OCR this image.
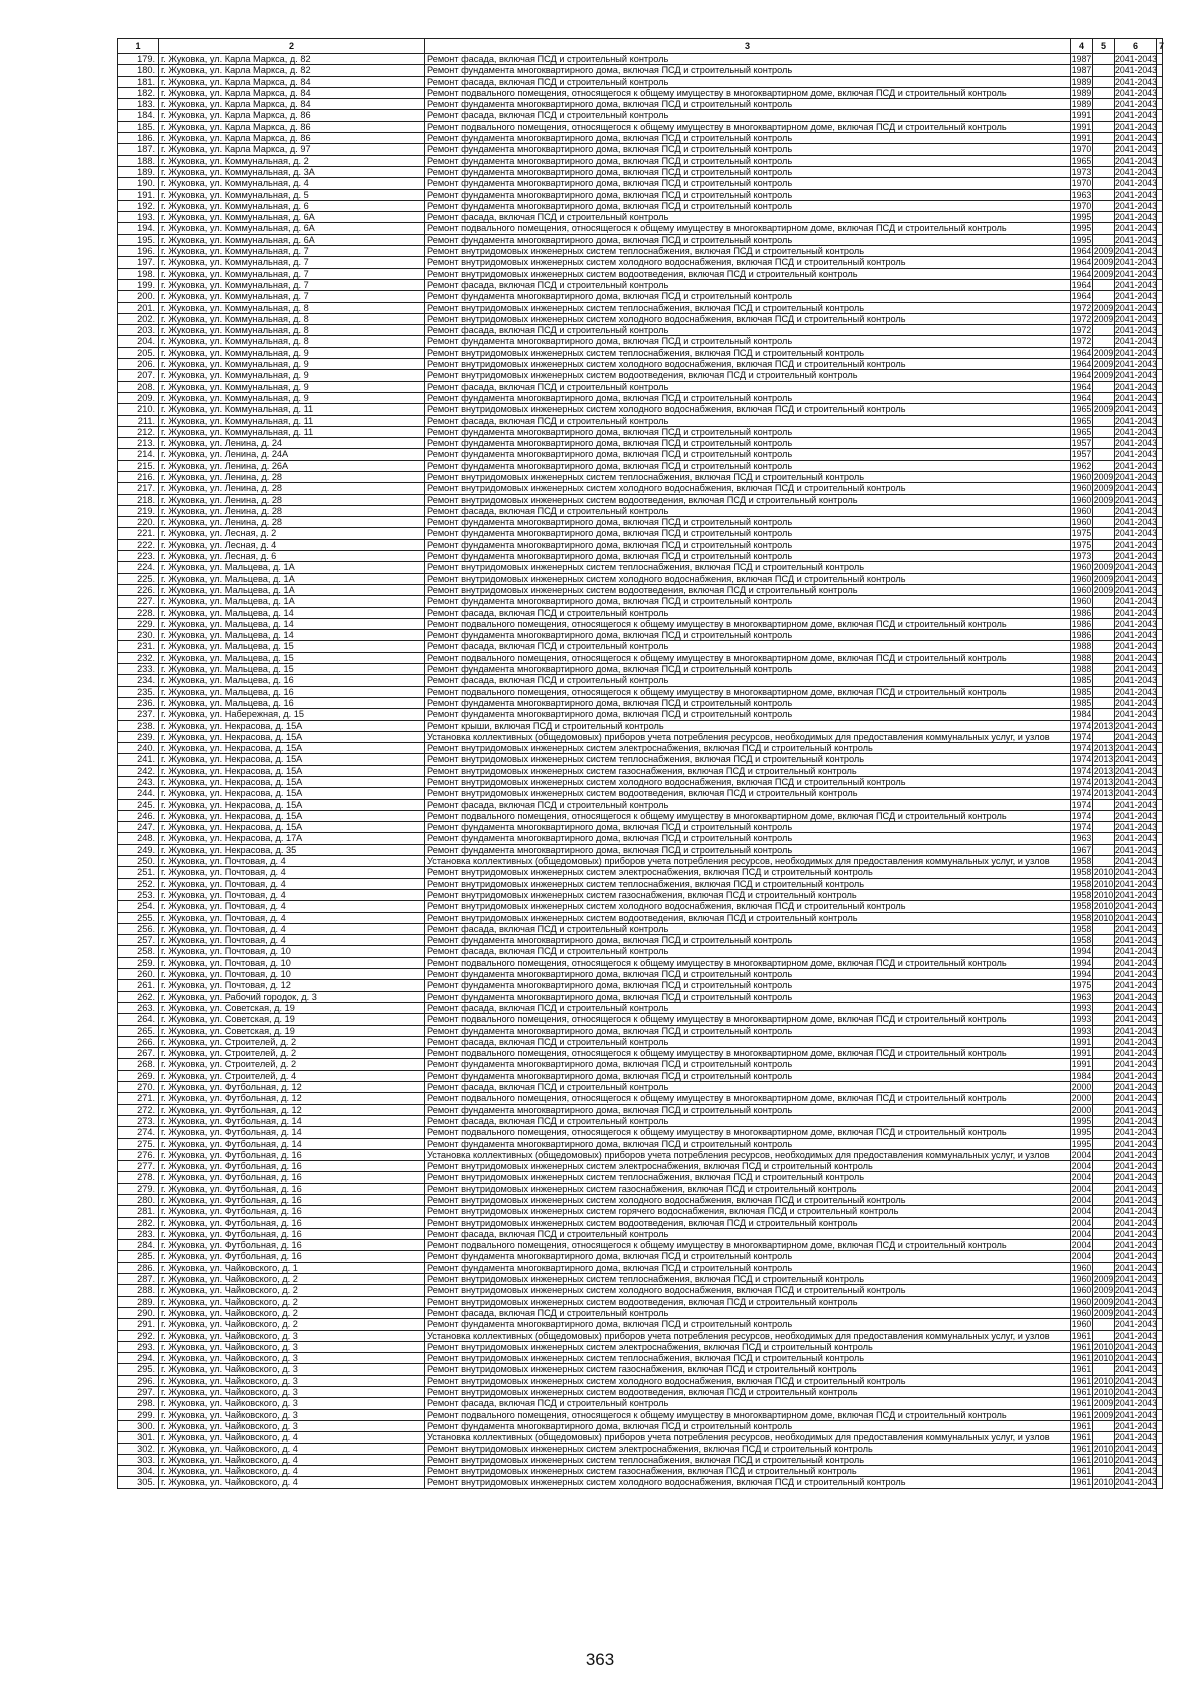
1	2	3	4	5	6	7
179.	г. Жуковка, ул. Карла Маркса, д. 82	Ремонт фасада, включая ПСД и строительный контроль	1987		2041-2043	
180.	г. Жуковка, ул. Карла Маркса, д. 82	Ремонт фундамента многоквартирного дома, включая ПСД и строительный контроль	1987		2041-2043	
181.	г. Жуковка, ул. Карла Маркса, д. 84	Ремонт фасада, включая ПСД и строительный контроль	1989		2041-2043	
182.	г. Жуковка, ул. Карла Маркса, д. 84	Ремонт подвального помещения, относящегося к общему имуществу в многоквартирном доме, включая ПСД и строительный контроль	1989		2041-2043	
183.	г. Жуковка, ул. Карла Маркса, д. 84	Ремонт фундамента многоквартирного дома, включая ПСД и строительный контроль	1989		2041-2043	
184.	г. Жуковка, ул. Карла Маркса, д. 86	Ремонт фасада, включая ПСД и строительный контроль	1991		2041-2043	
185.	г. Жуковка, ул. Карла Маркса, д. 86	Ремонт подвального помещения, относящегося к общему имуществу в многоквартирном доме, включая ПСД и строительный контроль	1991		2041-2043	
186.	г. Жуковка, ул. Карла Маркса, д. 86	Ремонт фундамента многоквартирного дома, включая ПСД и строительный контроль	1991		2041-2043	
187.	г. Жуковка, ул. Карла Маркса, д. 97	Ремонт фундамента многоквартирного дома, включая ПСД и строительный контроль	1970		2041-2043	
188.	г. Жуковка, ул. Коммунальная, д. 2	Ремонт фундамента многоквартирного дома, включая ПСД и строительный контроль	1965		2041-2043	
189.	г. Жуковка, ул. Коммунальная, д. 3А	Ремонт фундамента многоквартирного дома, включая ПСД и строительный контроль	1973		2041-2043	
190.	г. Жуковка, ул. Коммунальная, д. 4	Ремонт фундамента многоквартирного дома, включая ПСД и строительный контроль	1970		2041-2043	
191.	г. Жуковка, ул. Коммунальная, д. 5	Ремонт фундамента многоквартирного дома, включая ПСД и строительный контроль	1963		2041-2043	
192.	г. Жуковка, ул. Коммунальная, д. 6	Ремонт фундамента многоквартирного дома, включая ПСД и строительный контроль	1970		2041-2043	
193.	г. Жуковка, ул. Коммунальная, д. 6А	Ремонт фасада, включая ПСД и строительный контроль	1995		2041-2043	
194.	г. Жуковка, ул. Коммунальная, д. 6А	Ремонт подвального помещения, относящегося к общему имуществу в многоквартирном доме, включая ПСД и строительный контроль	1995		2041-2043	
195.	г. Жуковка, ул. Коммунальная, д. 6А	Ремонт фундамента многоквартирного дома, включая ПСД и строительный контроль	1995		2041-2043	
196.	г. Жуковка, ул. Коммунальная, д. 7	Ремонт внутридомовых инженерных систем теплоснабжения, включая ПСД и строительный контроль	1964	2009	2041-2043	
197.	г. Жуковка, ул. Коммунальная, д. 7	Ремонт внутридомовых инженерных систем холодного водоснабжения, включая ПСД и строительный контроль	1964	2009	2041-2043	
198.	г. Жуковка, ул. Коммунальная, д. 7	Ремонт внутридомовых инженерных систем водоотведения, включая ПСД и строительный контроль	1964	2009	2041-2043	
199.	г. Жуковка, ул. Коммунальная, д. 7	Ремонт фасада, включая ПСД и строительный контроль	1964		2041-2043	
200.	г. Жуковка, ул. Коммунальная, д. 7	Ремонт фундамента многоквартирного дома, включая ПСД и строительный контроль	1964		2041-2043	
201.	г. Жуковка, ул. Коммунальная, д. 8	Ремонт внутридомовых инженерных систем теплоснабжения, включая ПСД и строительный контроль	1972	2009	2041-2043	
202.	г. Жуковка, ул. Коммунальная, д. 8	Ремонт внутридомовых инженерных систем холодного водоснабжения, включая ПСД и строительный контроль	1972	2009	2041-2043	
203.	г. Жуковка, ул. Коммунальная, д. 8	Ремонт фасада, включая ПСД и строительный контроль	1972		2041-2043	
204.	г. Жуковка, ул. Коммунальная, д. 8	Ремонт фундамента многоквартирного дома, включая ПСД и строительный контроль	1972		2041-2043	
205.	г. Жуковка, ул. Коммунальная, д. 9	Ремонт внутридомовых инженерных систем теплоснабжения, включая ПСД и строительный контроль	1964	2009	2041-2043	
206.	г. Жуковка, ул. Коммунальная, д. 9	Ремонт внутридомовых инженерных систем холодного водоснабжения, включая ПСД и строительный контроль	1964	2009	2041-2043	
207.	г. Жуковка, ул. Коммунальная, д. 9	Ремонт внутридомовых инженерных систем водоотведения, включая ПСД и строительный контроль	1964	2009	2041-2043	
208.	г. Жуковка, ул. Коммунальная, д. 9	Ремонт фасада, включая ПСД и строительный контроль	1964		2041-2043	
209.	г. Жуковка, ул. Коммунальная, д. 9	Ремонт фундамента многоквартирного дома, включая ПСД и строительный контроль	1964		2041-2043	
210.	г. Жуковка, ул. Коммунальная, д. 11	Ремонт внутридомовых инженерных систем холодного водоснабжения, включая ПСД и строительный контроль	1965	2009	2041-2043	
211.	г. Жуковка, ул. Коммунальная, д. 11	Ремонт фасада, включая ПСД и строительный контроль	1965		2041-2043	
212.	г. Жуковка, ул. Коммунальная, д. 11	Ремонт фундамента многоквартирного дома, включая ПСД и строительный контроль	1965		2041-2043	
213.	г. Жуковка, ул. Ленина, д. 24	Ремонт фундамента многоквартирного дома, включая ПСД и строительный контроль	1957		2041-2043	
214.	г. Жуковка, ул. Ленина, д. 24А	Ремонт фундамента многоквартирного дома, включая ПСД и строительный контроль	1957		2041-2043	
215.	г. Жуковка, ул. Ленина, д. 26А	Ремонт фундамента многоквартирного дома, включая ПСД и строительный контроль	1962		2041-2043	
216.	г. Жуковка, ул. Ленина, д. 28	Ремонт внутридомовых инженерных систем теплоснабжения, включая ПСД и строительный контроль	1960	2009	2041-2043	
217.	г. Жуковка, ул. Ленина, д. 28	Ремонт внутридомовых инженерных систем холодного водоснабжения, включая ПСД и строительный контроль	1960	2009	2041-2043	
218.	г. Жуковка, ул. Ленина, д. 28	Ремонт внутридомовых инженерных систем водоотведения, включая ПСД и строительный контроль	1960	2009	2041-2043	
219.	г. Жуковка, ул. Ленина, д. 28	Ремонт фасада, включая ПСД и строительный контроль	1960		2041-2043	
220.	г. Жуковка, ул. Ленина, д. 28	Ремонт фундамента многоквартирного дома, включая ПСД и строительный контроль	1960		2041-2043	
221.	г. Жуковка, ул. Лесная, д. 2	Ремонт фундамента многоквартирного дома, включая ПСД и строительный контроль	1975		2041-2043	
222.	г. Жуковка, ул. Лесная, д. 4	Ремонт фундамента многоквартирного дома, включая ПСД и строительный контроль	1975		2041-2043	
223.	г. Жуковка, ул. Лесная, д. 6	Ремонт фундамента многоквартирного дома, включая ПСД и строительный контроль	1973		2041-2043	
224.	г. Жуковка, ул. Мальцева, д. 1А	Ремонт внутридомовых инженерных систем теплоснабжения, включая ПСД и строительный контроль	1960	2009	2041-2043	
225.	г. Жуковка, ул. Мальцева, д. 1А	Ремонт внутридомовых инженерных систем холодного водоснабжения, включая ПСД и строительный контроль	1960	2009	2041-2043	
226.	г. Жуковка, ул. Мальцева, д. 1А	Ремонт внутридомовых инженерных систем водоотведения, включая ПСД и строительный контроль	1960	2009	2041-2043	
227.	г. Жуковка, ул. Мальцева, д. 1А	Ремонт фундамента многоквартирного дома, включая ПСД и строительный контроль	1960		2041-2043	
228.	г. Жуковка, ул. Мальцева, д. 14	Ремонт фасада, включая ПСД и строительный контроль	1986		2041-2043	
229.	г. Жуковка, ул. Мальцева, д. 14	Ремонт подвального помещения, относящегося к общему имуществу в многоквартирном доме, включая ПСД и строительный контроль	1986		2041-2043	
230.	г. Жуковка, ул. Мальцева, д. 14	Ремонт фундамента многоквартирного дома, включая ПСД и строительный контроль	1986		2041-2043	
231.	г. Жуковка, ул. Мальцева, д. 15	Ремонт фасада, включая ПСД и строительный контроль	1988		2041-2043	
232.	г. Жуковка, ул. Мальцева, д. 15	Ремонт подвального помещения, относящегося к общему имуществу в многоквартирном доме, включая ПСД и строительный контроль	1988		2041-2043	
233.	г. Жуковка, ул. Мальцева, д. 15	Ремонт фундамента многоквартирного дома, включая ПСД и строительный контроль	1988		2041-2043	
234.	г. Жуковка, ул. Мальцева, д. 16	Ремонт фасада, включая ПСД и строительный контроль	1985		2041-2043	
235.	г. Жуковка, ул. Мальцева, д. 16	Ремонт подвального помещения, относящегося к общему имуществу в многоквартирном доме, включая ПСД и строительный контроль	1985		2041-2043	
236.	г. Жуковка, ул. Мальцева, д. 16	Ремонт фундамента многоквартирного дома, включая ПСД и строительный контроль	1985		2041-2043	
237.	г. Жуковка, ул. Набережная, д. 15	Ремонт фундамента многоквартирного дома, включая ПСД и строительный контроль	1984		2041-2043	
238.	г. Жуковка, ул. Некрасова, д. 15А	Ремонт крыши, включая ПСД и строительный контроль	1974	2013	2041-2043	
239.	г. Жуковка, ул. Некрасова, д. 15А	Установка коллективных (общедомовых) приборов учета потребления ресурсов, необходимых для предоставления коммунальных услуг, и узлов	1974		2041-2043	
240.	г. Жуковка, ул. Некрасова, д. 15А	Ремонт внутридомовых инженерных систем электроснабжения, включая ПСД и строительный контроль	1974	2013	2041-2043	
241.	г. Жуковка, ул. Некрасова, д. 15А	Ремонт внутридомовых инженерных систем теплоснабжения, включая ПСД и строительный контроль	1974	2013	2041-2043	
242.	г. Жуковка, ул. Некрасова, д. 15А	Ремонт внутридомовых инженерных систем газоснабжения, включая ПСД и строительный контроль	1974	2013	2041-2043	
243.	г. Жуковка, ул. Некрасова, д. 15А	Ремонт внутридомовых инженерных систем холодного водоснабжения, включая ПСД и строительный контроль	1974	2013	2041-2043	
244.	г. Жуковка, ул. Некрасова, д. 15А	Ремонт внутридомовых инженерных систем водоотведения, включая ПСД и строительный контроль	1974	2013	2041-2043	
245.	г. Жуковка, ул. Некрасова, д. 15А	Ремонт фасада, включая ПСД и строительный контроль	1974		2041-2043	
246.	г. Жуковка, ул. Некрасова, д. 15А	Ремонт подвального помещения, относящегося к общему имуществу в многоквартирном доме, включая ПСД и строительный контроль	1974		2041-2043	
247.	г. Жуковка, ул. Некрасова, д. 15А	Ремонт фундамента многоквартирного дома, включая ПСД и строительный контроль	1974		2041-2043	
248.	г. Жуковка, ул. Некрасова, д. 17А	Ремонт фундамента многоквартирного дома, включая ПСД и строительный контроль	1963		2041-2043	
249.	г. Жуковка, ул. Некрасова, д. 35	Ремонт фундамента многоквартирного дома, включая ПСД и строительный контроль	1967		2041-2043	
250.	г. Жуковка, ул. Почтовая, д. 4	Установка коллективных (общедомовых) приборов учета потребления ресурсов, необходимых для предоставления коммунальных услуг, и узлов	1958		2041-2043	
251.	г. Жуковка, ул. Почтовая, д. 4	Ремонт внутридомовых инженерных систем электроснабжения, включая ПСД и строительный контроль	1958	2010	2041-2043	
252.	г. Жуковка, ул. Почтовая, д. 4	Ремонт внутридомовых инженерных систем теплоснабжения, включая ПСД и строительный контроль	1958	2010	2041-2043	
253.	г. Жуковка, ул. Почтовая, д. 4	Ремонт внутридомовых инженерных систем газоснабжения, включая ПСД и строительный контроль	1958	2010	2041-2043	
254.	г. Жуковка, ул. Почтовая, д. 4	Ремонт внутридомовых инженерных систем холодного водоснабжения, включая ПСД и строительный контроль	1958	2010	2041-2043	
255.	г. Жуковка, ул. Почтовая, д. 4	Ремонт внутридомовых инженерных систем водоотведения, включая ПСД и строительный контроль	1958	2010	2041-2043	
256.	г. Жуковка, ул. Почтовая, д. 4	Ремонт фасада, включая ПСД и строительный контроль	1958		2041-2043	
257.	г. Жуковка, ул. Почтовая, д. 4	Ремонт фундамента многоквартирного дома, включая ПСД и строительный контроль	1958		2041-2043	
258.	г. Жуковка, ул. Почтовая, д. 10	Ремонт фасада, включая ПСД и строительный контроль	1994		2041-2043	
259.	г. Жуковка, ул. Почтовая, д. 10	Ремонт подвального помещения, относящегося к общему имуществу в многоквартирном доме, включая ПСД и строительный контроль	1994		2041-2043	
260.	г. Жуковка, ул. Почтовая, д. 10	Ремонт фундамента многоквартирного дома, включая ПСД и строительный контроль	1994		2041-2043	
261.	г. Жуковка, ул. Почтовая, д. 12	Ремонт фундамента многоквартирного дома, включая ПСД и строительный контроль	1975		2041-2043	
262.	г. Жуковка, ул. Рабочий городок, д. 3	Ремонт фундамента многоквартирного дома, включая ПСД и строительный контроль	1963		2041-2043	
263.	г. Жуковка, ул. Советская, д. 19	Ремонт фасада, включая ПСД и строительный контроль	1993		2041-2043	
264.	г. Жуковка, ул. Советская, д. 19	Ремонт подвального помещения, относящегося к общему имуществу в многоквартирном доме, включая ПСД и строительный контроль	1993		2041-2043	
265.	г. Жуковка, ул. Советская, д. 19	Ремонт фундамента многоквартирного дома, включая ПСД и строительный контроль	1993		2041-2043	
266.	г. Жуковка, ул. Строителей, д. 2	Ремонт фасада, включая ПСД и строительный контроль	1991		2041-2043	
267.	г. Жуковка, ул. Строителей, д. 2	Ремонт подвального помещения, относящегося к общему имуществу в многоквартирном доме, включая ПСД и строительный контроль	1991		2041-2043	
268.	г. Жуковка, ул. Строителей, д. 2	Ремонт фундамента многоквартирного дома, включая ПСД и строительный контроль	1991		2041-2043	
269.	г. Жуковка, ул. Строителей, д. 4	Ремонт фундамента многоквартирного дома, включая ПСД и строительный контроль	1984		2041-2043	
270.	г. Жуковка, ул. Футбольная, д. 12	Ремонт фасада, включая ПСД и строительный контроль	2000		2041-2043	
271.	г. Жуковка, ул. Футбольная, д. 12	Ремонт подвального помещения, относящегося к общему имуществу в многоквартирном доме, включая ПСД и строительный контроль	2000		2041-2043	
272.	г. Жуковка, ул. Футбольная, д. 12	Ремонт фундамента многоквартирного дома, включая ПСД и строительный контроль	2000		2041-2043	
273.	г. Жуковка, ул. Футбольная, д. 14	Ремонт фасада, включая ПСД и строительный контроль	1995		2041-2043	
274.	г. Жуковка, ул. Футбольная, д. 14	Ремонт подвального помещения, относящегося к общему имуществу в многоквартирном доме, включая ПСД и строительный контроль	1995		2041-2043	
275.	г. Жуковка, ул. Футбольная, д. 14	Ремонт фундамента многоквартирного дома, включая ПСД и строительный контроль	1995		2041-2043	
276.	г. Жуковка, ул. Футбольная, д. 16	Установка коллективных (общедомовых) приборов учета потребления ресурсов, необходимых для предоставления коммунальных услуг, и узлов	2004		2041-2043	
277.	г. Жуковка, ул. Футбольная, д. 16	Ремонт внутридомовых инженерных систем электроснабжения, включая ПСД и строительный контроль	2004		2041-2043	
278.	г. Жуковка, ул. Футбольная, д. 16	Ремонт внутридомовых инженерных систем теплоснабжения, включая ПСД и строительный контроль	2004		2041-2043	
279.	г. Жуковка, ул. Футбольная, д. 16	Ремонт внутридомовых инженерных систем газоснабжения, включая ПСД и строительный контроль	2004		2041-2043	
280.	г. Жуковка, ул. Футбольная, д. 16	Ремонт внутридомовых инженерных систем холодного водоснабжения, включая ПСД и строительный контроль	2004		2041-2043	
281.	г. Жуковка, ул. Футбольная, д. 16	Ремонт внутридомовых инженерных систем горячего водоснабжения, включая ПСД и строительный контроль	2004		2041-2043	
282.	г. Жуковка, ул. Футбольная, д. 16	Ремонт внутридомовых инженерных систем водоотведения, включая ПСД и строительный контроль	2004		2041-2043	
283.	г. Жуковка, ул. Футбольная, д. 16	Ремонт фасада, включая ПСД и строительный контроль	2004		2041-2043	
284.	г. Жуковка, ул. Футбольная, д. 16	Ремонт подвального помещения, относящегося к общему имуществу в многоквартирном доме, включая ПСД и строительный контроль	2004		2041-2043	
285.	г. Жуковка, ул. Футбольная, д. 16	Ремонт фундамента многоквартирного дома, включая ПСД и строительный контроль	2004		2041-2043	
286.	г. Жуковка, ул. Чайковского, д. 1	Ремонт фундамента многоквартирного дома, включая ПСД и строительный контроль	1960		2041-2043	
287.	г. Жуковка, ул. Чайковского, д. 2	Ремонт внутридомовых инженерных систем теплоснабжения, включая ПСД и строительный контроль	1960	2009	2041-2043	
288.	г. Жуковка, ул. Чайковского, д. 2	Ремонт внутридомовых инженерных систем холодного водоснабжения, включая ПСД и строительный контроль	1960	2009	2041-2043	
289.	г. Жуковка, ул. Чайковского, д. 2	Ремонт внутридомовых инженерных систем водоотведения, включая ПСД и строительный контроль	1960	2009	2041-2043	
290.	г. Жуковка, ул. Чайковского, д. 2	Ремонт фасада, включая ПСД и строительный контроль	1960	2009	2041-2043	
291.	г. Жуковка, ул. Чайковского, д. 2	Ремонт фундамента многоквартирного дома, включая ПСД и строительный контроль	1960		2041-2043	
292.	г. Жуковка, ул. Чайковского, д. 3	Установка коллективных (общедомовых) приборов учета потребления ресурсов, необходимых для предоставления коммунальных услуг, и узлов	1961		2041-2043	
293.	г. Жуковка, ул. Чайковского, д. 3	Ремонт внутридомовых инженерных систем электроснабжения, включая ПСД и строительный контроль	1961	2010	2041-2043	
294.	г. Жуковка, ул. Чайковского, д. 3	Ремонт внутридомовых инженерных систем теплоснабжения, включая ПСД и строительный контроль	1961	2010	2041-2043	
295.	г. Жуковка, ул. Чайковского, д. 3	Ремонт внутридомовых инженерных систем газоснабжения, включая ПСД и строительный контроль	1961		2041-2043	
296.	г. Жуковка, ул. Чайковского, д. 3	Ремонт внутридомовых инженерных систем холодного водоснабжения, включая ПСД и строительный контроль	1961	2010	2041-2043	
297.	г. Жуковка, ул. Чайковского, д. 3	Ремонт внутридомовых инженерных систем водоотведения, включая ПСД и строительный контроль	1961	2010	2041-2043	
298.	г. Жуковка, ул. Чайковского, д. 3	Ремонт фасада, включая ПСД и строительный контроль	1961	2009	2041-2043	
299.	г. Жуковка, ул. Чайковского, д. 3	Ремонт подвального помещения, относящегося к общему имуществу в многоквартирном доме, включая ПСД и строительный контроль	1961	2009	2041-2043	
300.	г. Жуковка, ул. Чайковского, д. 3	Ремонт фундамента многоквартирного дома, включая ПСД и строительный контроль	1961		2041-2043	
301.	г. Жуковка, ул. Чайковского, д. 4	Установка коллективных (общедомовых) приборов учета потребления ресурсов, необходимых для предоставления коммунальных услуг, и узлов	1961		2041-2043	
302.	г. Жуковка, ул. Чайковского, д. 4	Ремонт внутридомовых инженерных систем электроснабжения, включая ПСД и строительный контроль	1961	2010	2041-2043	
303.	г. Жуковка, ул. Чайковского, д. 4	Ремонт внутридомовых инженерных систем теплоснабжения, включая ПСД и строительный контроль	1961	2010	2041-2043	
304.	г. Жуковка, ул. Чайковского, д. 4	Ремонт внутридомовых инженерных систем газоснабжения, включая ПСД и строительный контроль	1961		2041-2043	
305.	г. Жуковка, ул. Чайковского, д. 4	Ремонт внутридомовых инженерных систем холодного водоснабжения, включая ПСД и строительный контроль	1961	2010	2041-2043	
363
